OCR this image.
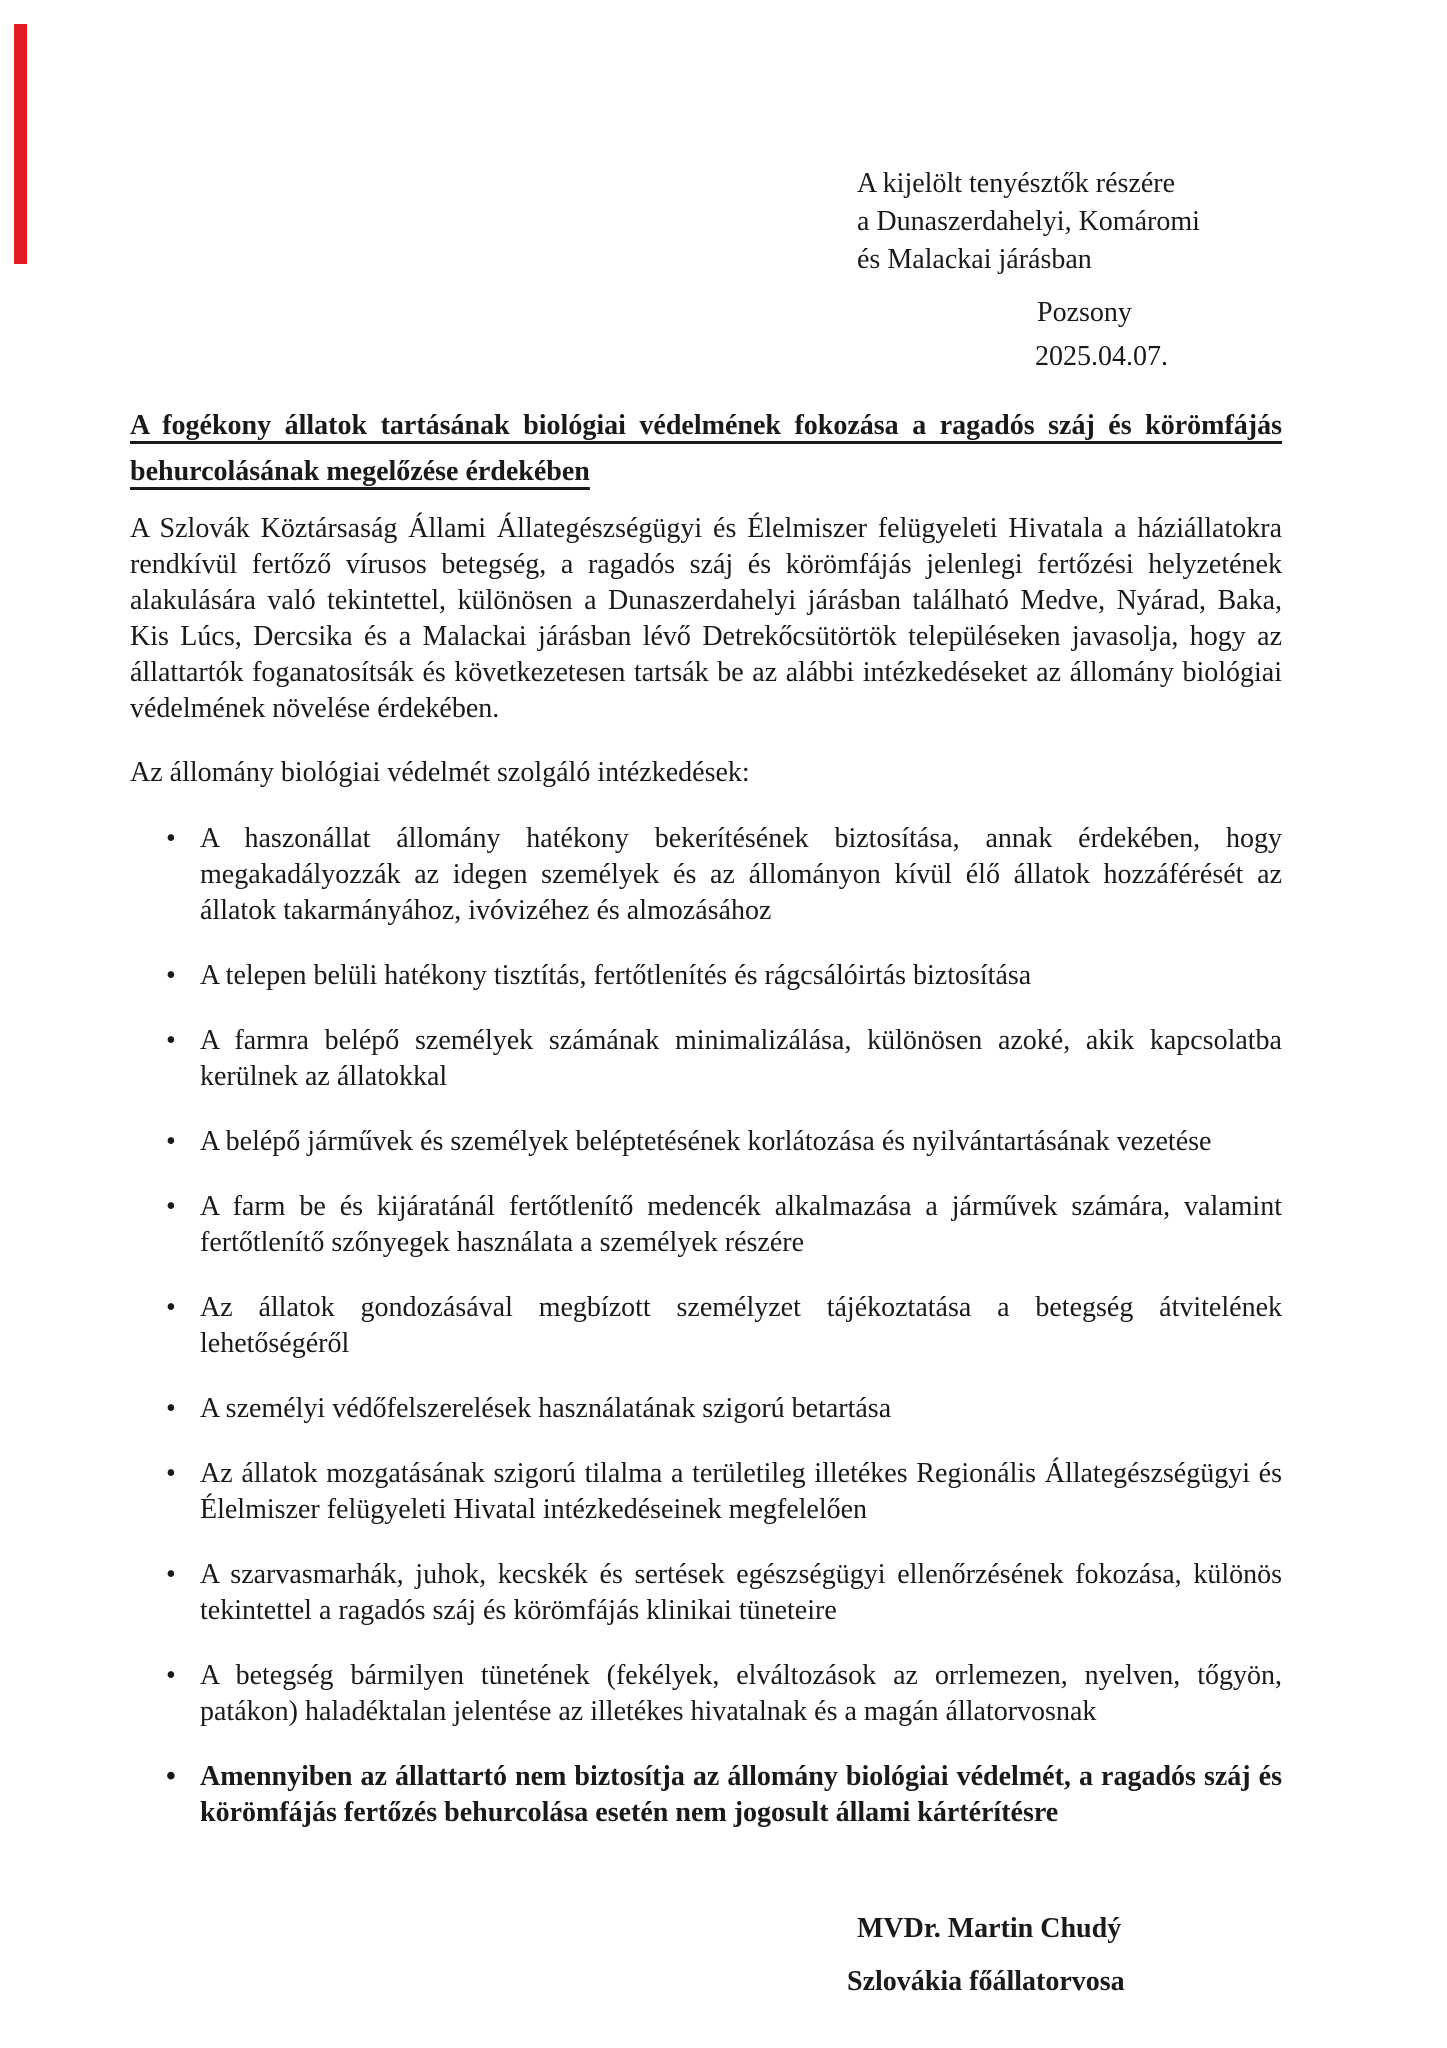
A kijelölt tenyésztők részére
a Dunaszerdahelyi, Komáromi
és Malackai járásban
Pozsony
2025.04.07.
A fogékony állatok tartásának biológiai védelmének fokozása a ragadós száj és körömfájás behurcolásának megelőzése érdekében

A Szlovák Köztársaság Állami Állategészségügyi és Élelmiszer felügyeleti Hivatala a háziállatokra rendkívül fertőző vírusos betegség, a ragadós száj és körömfájás jelenlegi fertőzési helyzetének alakulására való tekintettel, különösen a Dunaszerdahelyi járásban található Medve, Nyárad, Baka, Kis Lúcs, Dercsika és a Malackai járásban lévő Detrekőcsütörtök településeken javasolja, hogy az állattartók foganatosítsák és következetesen tartsák be az alábbi intézkedéseket az állomány biológiai védelmének növelése érdekében.

Az állomány biológiai védelmét szolgáló intézkedések:
• A haszonállat állomány hatékony bekerítésének biztosítása, annak érdekében, hogy megakadályozzák az idegen személyek és az állományon kívül élő állatok hozzáférését az állatok takarmányához, ivóvizéhez és almozásához
• A telepen belüli hatékony tisztítás, fertőtlenítés és rágcsálóirtás biztosítása
• A farmra belépő személyek számának minimalizálása, különösen azoké, akik kapcsolatba kerülnek az állatokkal
• A belépő járművek és személyek beléptetésének korlátozása és nyilvántartásának vezetése
• A farm be és kijáratánál fertőtlenítő medencék alkalmazása a járművek számára, valamint fertőtlenítő szőnyegek használata a személyek részére
• Az állatok gondozásával megbízott személyzet tájékoztatása a betegség átvitelének lehetőségéről
• A személyi védőfelszerelések használatának szigorú betartása
• Az állatok mozgatásának szigorú tilalma a területileg illetékes Regionális Állategészségügyi és Élelmiszer felügyeleti Hivatal intézkedéseinek megfelelően
• A szarvasmarhák, juhok, kecskék és sertések egészségügyi ellenőrzésének fokozása, különös tekintettel a ragadós száj és körömfájás klinikai tüneteire
• A betegség bármilyen tünetének (fekélyek, elváltozások az orrlemezen, nyelven, tőgyön, patákon) haladéktalan jelentése az illetékes hivatalnak és a magán állatorvosnak
• Amennyiben az állattartó nem biztosítja az állomány biológiai védelmét, a ragadós száj és körömfájás fertőzés behurcolása esetén nem jogosult állami kártérítésre
MVDr. Martin Chudý
Szlovákia főállatorvosa
